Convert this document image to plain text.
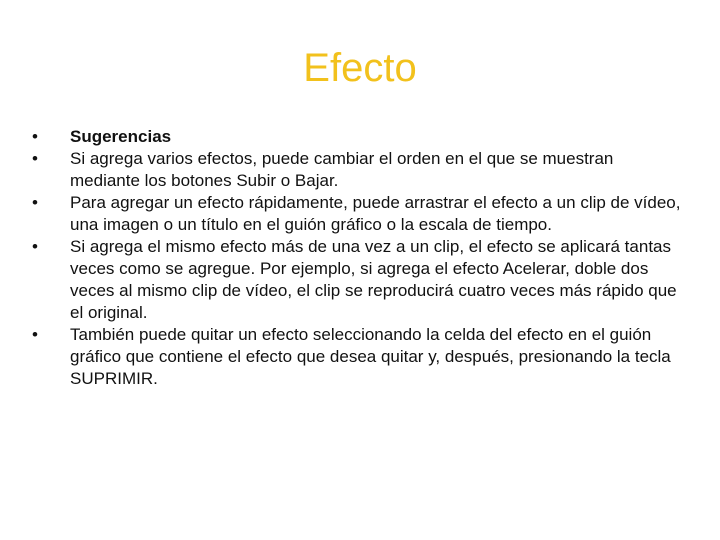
Efecto
•	Sugerencias
•	Si agrega varios efectos, puede cambiar el orden en el que se muestran mediante los botones Subir o Bajar.
•	Para agregar un efecto rápidamente, puede arrastrar el efecto a un clip de vídeo, una imagen o un título en el guión gráfico o la escala de tiempo.
•	Si agrega el mismo efecto más de una vez a un clip, el efecto se aplicará tantas veces como se agregue. Por ejemplo, si agrega el efecto Acelerar, doble dos veces al mismo clip de vídeo, el clip se reproducirá cuatro veces más rápido que el original.
•	También puede quitar un efecto seleccionando la celda del efecto en el guión gráfico que contiene el efecto que desea quitar y, después, presionando la tecla SUPRIMIR.
